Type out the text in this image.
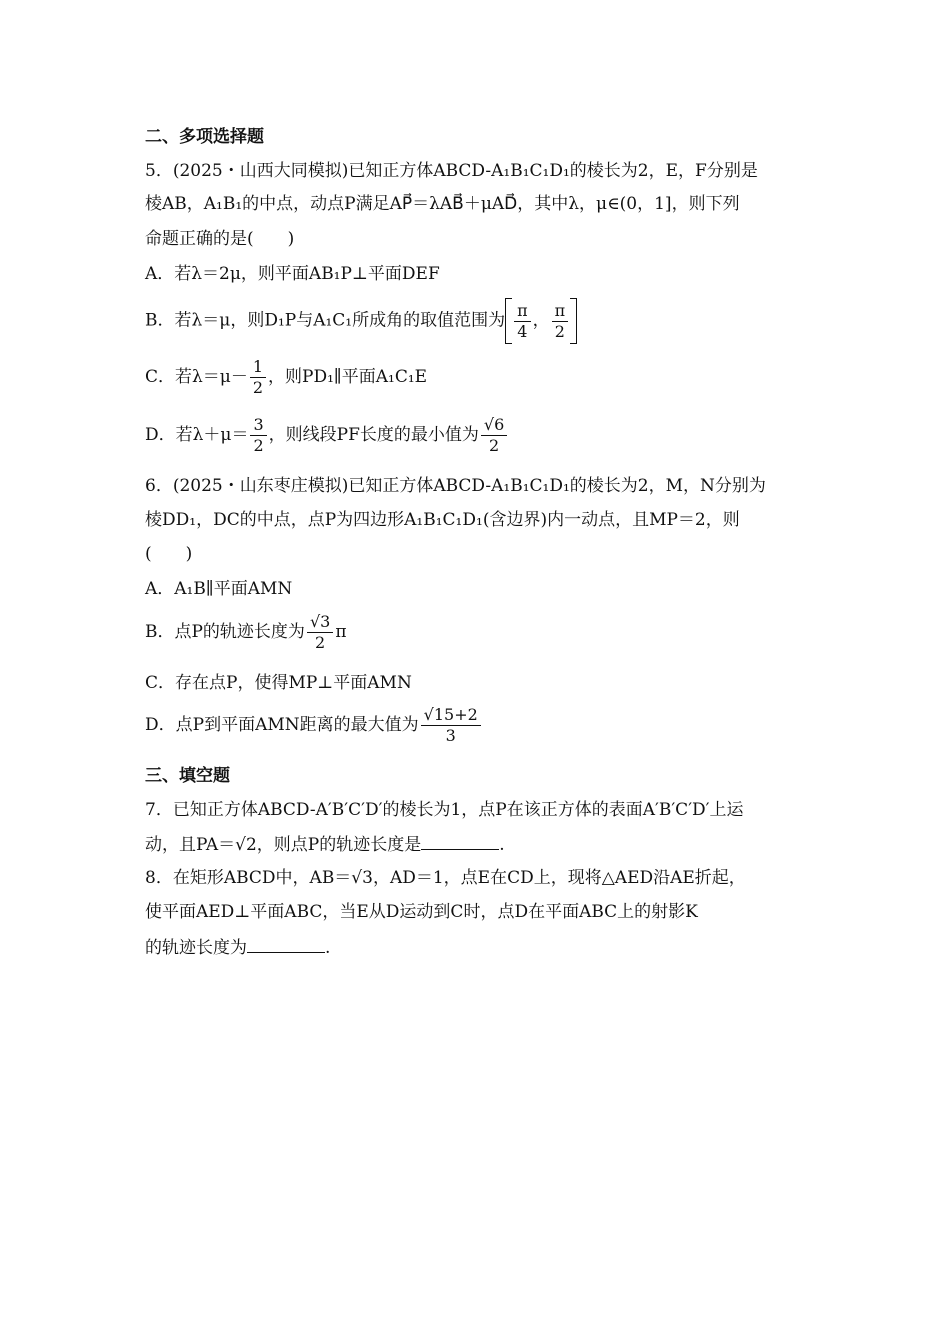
二、多项选择题
5．(2025・山西大同模拟)已知正方体ABCD-A₁B₁C₁D₁的棱长为2，E，F分别是
棱AB，A₁B₁的中点，动点P满足AP⃗＝λAB⃗＋μAD⃗，其中λ，μ∈(0，1]，则下列
命题正确的是(　　)
A．若λ＝2μ，则平面AB₁P⊥平面DEF
B．若λ＝μ，则D₁P与A₁C₁所成角的取值范围为 $\frac{\pi}{4}$ ， $\frac{\pi}{2}$
C．若$\lambda=\mu- \frac{1}{2}$ ，则PD₁∥平面A₁C₁E
D．若$\lambda+\mu= \frac{3}{2}$ ，则线段PF长度的最小值为 $\frac{√6}{2}$
6．(2025・山东枣庄模拟)已知正方体ABCD-A₁B₁C₁D₁的棱长为2，M，N分别为
棱DD₁，DC的中点，点P为四边形A₁B₁C₁D₁(含边界)内一动点，且MP＝2，则
(　　)
A．A₁B∥平面AMN
B．点P的轨迹长度为 $\frac{√3}{2}$ π
C．存在点P，使得MP⊥平面AMN
D．点P到平面AMN距离的最大值为 $\frac{√15+2}{3}$
三、填空题
7．已知正方体ABCD-A′B′C′D′的棱长为1，点P在该正方体的表面A′B′C′D′上运
动，且PA＝√2，则点P的轨迹长度是	.
8．在矩形ABCD中，AB＝√3，AD＝1，点E在CD上，现将△AED沿AE折起，
使平面AED⊥平面ABC，当E从D运动到C时，点D在平面ABC上的射影K
的轨迹长度为	.
